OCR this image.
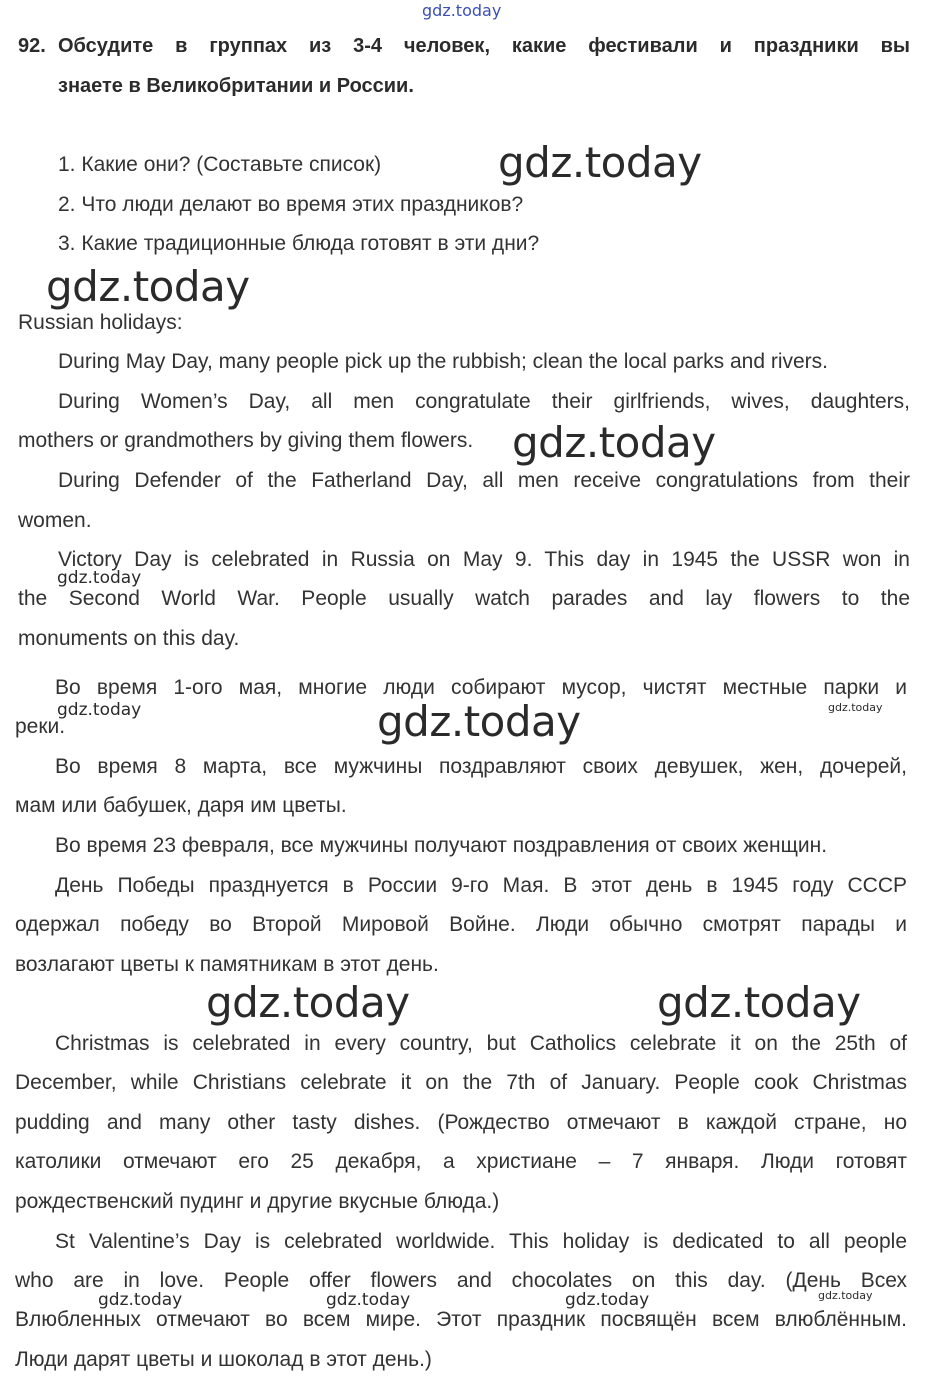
gdz.today
92. Обсудите в группах из 3-4 человек, какие фестивали и праздники вы
знаете в Великобритании и России.
1. Какие они? (Составьте список)
2. Что люди делают во время этих праздников?
3. Какие традиционные блюда готовят в эти дни?
Russian holidays:
During May Day, many people pick up the rubbish; clean the local parks and rivers.
During Women’s Day, all men congratulate their girlfriends, wives, daughters,
mothers or grandmothers by giving them flowers.
During Defender of the Fatherland Day, all men receive congratulations from their
women.
Victory Day is celebrated in Russia on May 9. This day in 1945 the USSR won in
the Second World War. People usually watch parades and lay flowers to the
monuments on this day.
Во время 1-ого мая, многие люди собирают мусор, чистят местные парки и
реки.
Во время 8 марта, все мужчины поздравляют своих девушек, жен, дочерей,
мам или бабушек, даря им цветы.
Во время 23 февраля, все мужчины получают поздравления от своих женщин.
День Победы празднуется в России 9-го Мая. В этот день в 1945 году СССР
одержал победу во Второй Мировой Войне. Люди обычно смотрят парады и
возлагают цветы к памятникам в этот день.
Christmas is celebrated in every country, but Catholics celebrate it on the 25th of
December, while Christians celebrate it on the 7th of January. People cook Christmas
pudding and many other tasty dishes. (Рождество отмечают в каждой стране, но
католики отмечают его 25 декабря, а христиане – 7 января. Люди готовят
рождественский пудинг и другие вкусные блюда.)
St Valentine’s Day is celebrated worldwide. This holiday is dedicated to all people
who are in love. People offer flowers and chocolates on this day. (День Всех
Влюбленных отмечают во всем мире. Этот праздник посвящён всем влюблённым.
Люди дарят цветы и шоколад в этот день.)
gdz.today
gdz.today
gdz.today
gdz.today
gdz.today	gdz.today
gdz.today
gdz.today	gdz.today
gdz.today	gdz.today	gdz.today	gdz.today
